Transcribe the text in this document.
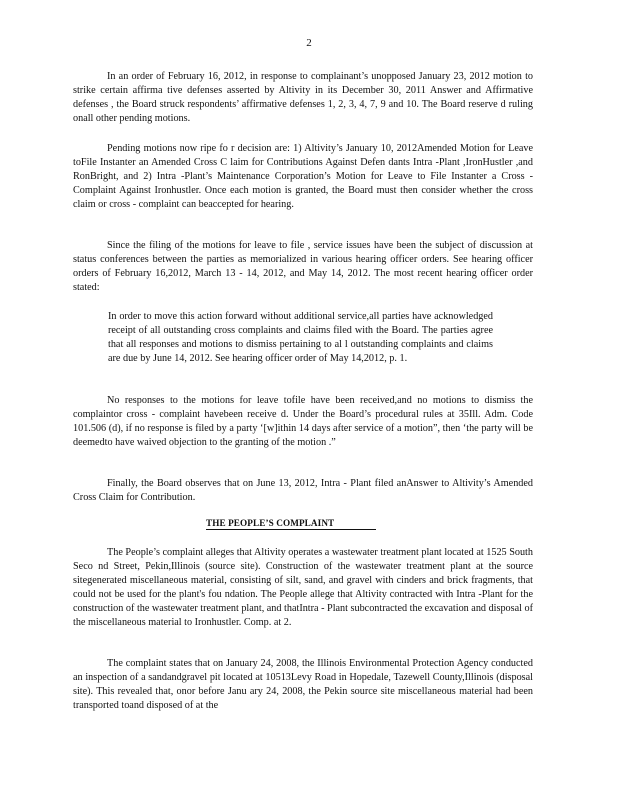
2

In an order of February 16, 2012, in response to complainant’s unopposed January 23, 2012 motion to strike certain affirma tive defenses asserted by Altivity in its December 30, 2011 Answer and Affirmative defenses , the Board struck respondents’ affirmative defenses 1, 2, 3, 4, 7, 9 and 10. The Board reserve d ruling onall other pending motions.

Pending motions now ripe fo r decision are: 1) Altivity’s January 10, 2012Amended Motion for Leave toFile Instanter an Amended Cross C laim for Contributions Against Defen dants Intra -Plant ,IronHustler ,and RonBright, and 2) Intra -Plant’s Maintenance Corporation’s Motion for Leave to File Instanter a Cross -Complaint Against Ironhustler. Once each motion is granted, the Board must then consider whether the cross claim or cross - complaint can beaccepted for hearing.

Since the filing of the motions for leave to file , service issues have been the subject of discussion at status conferences between the parties as memorialized in various hearing officer orders. See hearing officer orders of February 16,2012, March 13 - 14, 2012, and May 14, 2012. The most recent hearing officer order stated:

In order to move this action forward without additional service,all parties have acknowledged receipt of all outstanding cross complaints and claims filed with the Board. The parties agree that all responses and motions to dismiss pertaining to al l outstanding complaints and claims are due by June 14, 2012. See hearing officer order of May 14,2012, p. 1.

No responses to the motions for leave tofile have been received,and no motions to dismiss the complaintor cross - complaint havebeen receive d. Under the Board’s procedural rules at 35Ill. Adm. Code 101.506 (d), if no response is filed by a party ‘[w]ithin 14 days after service of a motion”, then ‘the party will be deemedto have waived objection to the granting of the motion .”

Finally, the Board observes that on June 13, 2012, Intra - Plant filed anAnswer to Altivity’s Amended Cross Claim for Contribution.

THE PEOPLE’S COMPLAINT

The People’s complaint alleges that Altivity operates a wastewater treatment plant located at 1525 South Seco nd Street, Pekin,Illinois (source site). Construction of the wastewater treatment plant at the source sitegenerated miscellaneous material, consisting of silt, sand, and gravel with cinders and brick fragments, that could not be used for the plant's fou ndation. The People allege that Altivity contracted with Intra -Plant for the construction of the wastewater treatment plant, and thatIntra - Plant subcontracted the excavation and disposal of the miscellaneous material to Ironhustler. Comp. at 2.

The complaint states that on January 24, 2008, the Illinois Environmental Protection Agency conducted an inspection of a sandandgravel pit located at 10513Levy Road in Hopedale, Tazewell County,Illinois (disposal site). This revealed that, onor before Janu ary 24, 2008, the Pekin source site miscellaneous material had been transported toand disposed of at the
